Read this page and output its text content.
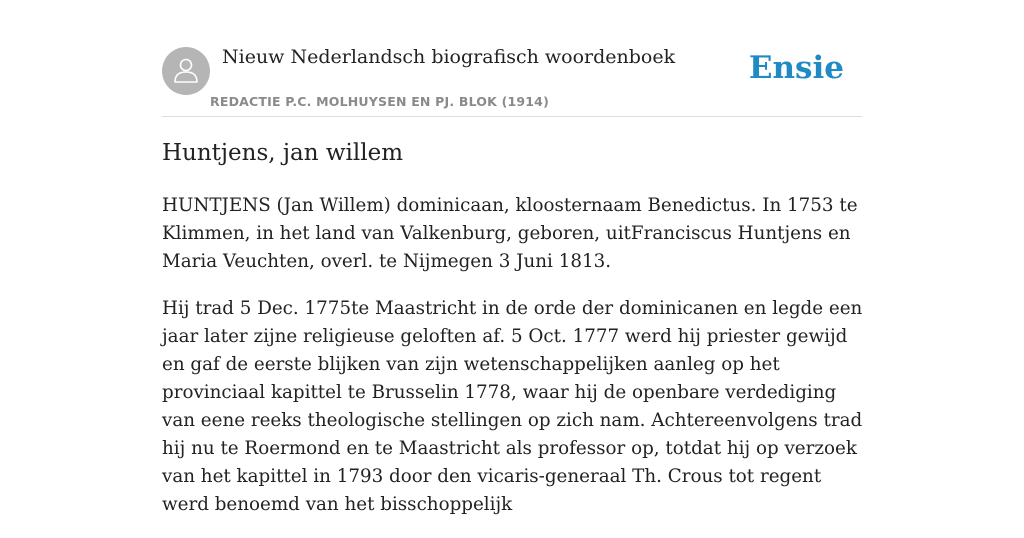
Nieuw Nederlandsch biografisch woordenboek
REDACTIE P.C. MOLHUYSEN EN PJ. BLOK (1914)
Ensie
Huntjens, jan willem

HUNTJENS (Jan Willem) dominicaan, kloosternaam Benedictus. In 1753 te Klimmen, in het land van Valkenburg, geboren, uitFranciscus Huntjens en Maria Veuchten, overl. te Nijmegen 3 Juni 1813.

Hij trad 5 Dec. 1775te Maastricht in de orde der dominicanen en legde een jaar later zijne religieuse geloften af. 5 Oct. 1777 werd hij priester gewijd en gaf de eerste blijken van zijn wetenschappelijken aanleg op het provinciaal kapittel te Brusselin 1778, waar hij de openbare verdediging van eene reeks theologische stellingen op zich nam. Achtereenvolgens trad hij nu te Roermond en te Maastricht als professor op, totdat hij op verzoek van het kapittel in 1793 door den vicaris-generaal Th. Crous tot regent werd benoemd van het bisschoppelijk
